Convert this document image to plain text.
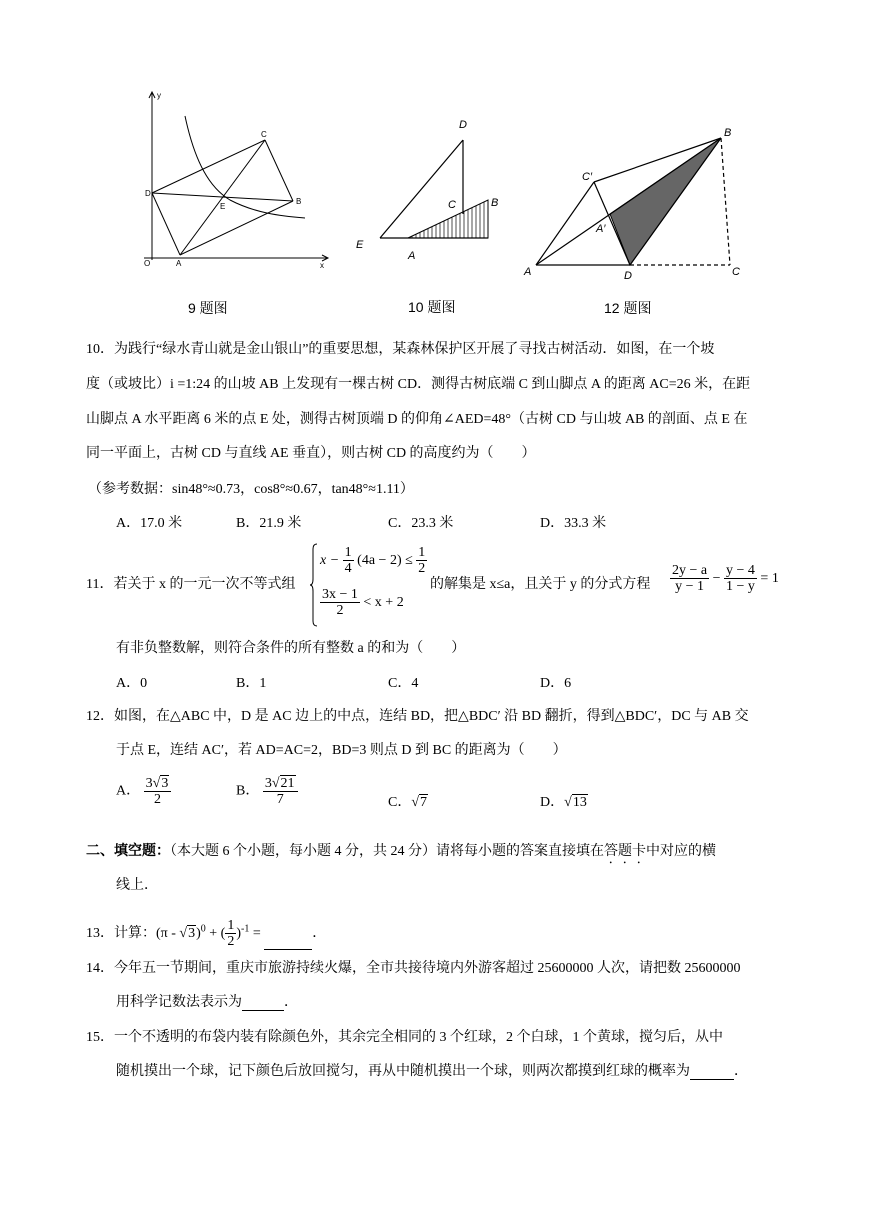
y
x
O	A
B
C
D
E
9 题图
D
C	B
E
A
10 题图
B
C′
A′
A	D	C
12 题图
10．为践行“绿水青山就是金山银山”的重要思想，某森林保护区开展了寻找古树活动．如图，在一个坡
度（或坡比）i =1:24 的山坡 AB 上发现有一棵古树 CD．测得古树底端 C 到山脚点 A 的距离 AC=26 米，在距
山脚点 A 水平距离 6 米的点 E 处，测得古树顶端 D 的仰角∠AED=48°（古树 CD 与山坡 AB 的剖面、点 E 在
同一平面上，古树 CD 与直线 AE 垂直），则古树 CD 的高度约为（　　）
（参考数据：sin48°≈0.73，cos8°≈0.67，tan48°≈1.11）
A．17.0 米	B．21.9 米	C．23.3 米	D．33.3 米
11．若关于 x 的一元一次不等式组
$x - \frac{1}{4} (4a - 2) \le \frac{1}{2}$
$\frac{3x - 1}{2} < x + 2$
的解集是 x≤a，且关于 y 的分式方程 $\frac{2y - a}{y - 1} - \frac{y - 4}{1 - y} = 1$
有非负整数解，则符合条件的所有整数 a 的和为（　　）
A．0	B．1	C．4	D．6
12．如图，在△ABC 中，D 是 AC 边上的中点，连结 BD，把△BDC′ 沿 BD 翻折，得到△BDC′，DC 与 AB 交
于点 E，连结 AC′，若 AD=AC=2，BD=3 则点 D 到 BC 的距离为（　　）
A． $\frac{3√3}{2}$	B． $\frac{3√21}{7}$	C．√7	D．√13
二、填空题：（本大题 6 个小题，每小题 4 分，共 24 分）请将每小题的答案直接填在答题卡中对应的横
线上．
13．计算：(π - √3)$^0$ + ( $\frac{1}{2} )^{-1}$ =	．
14．今年五一节期间，重庆市旅游持续火爆，全市共接待境内外游客超过 25600000 人次，请把数 25600000
用科学记数法表示为	．
15．一个不透明的布袋内装有除颜色外，其余完全相同的 3 个红球，2 个白球，1 个黄球，搅匀后，从中
随机摸出一个球，记下颜色后放回搅匀，再从中随机摸出一个球，则两次都摸到红球的概率为	．
